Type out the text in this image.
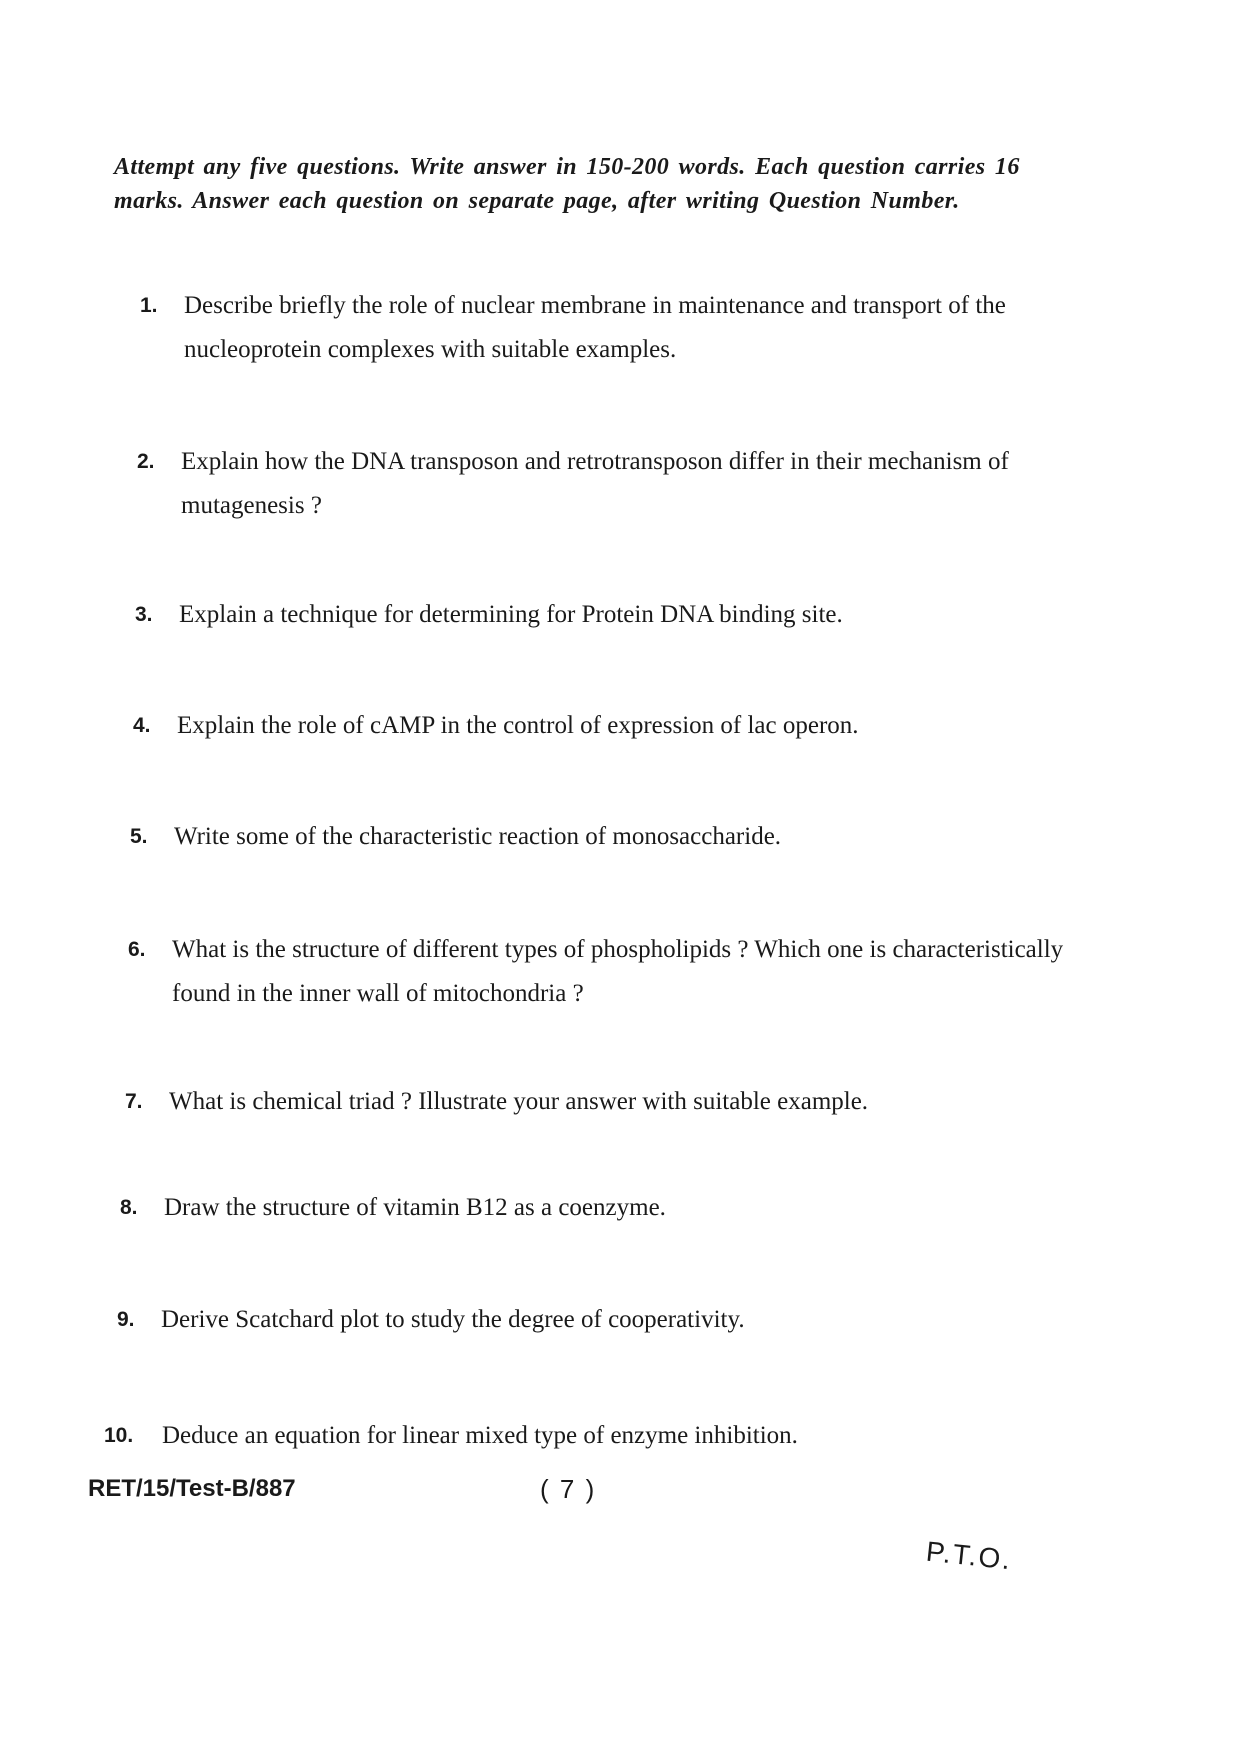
Attempt any five questions. Write answer in 150-200 words. Each question carries 16 marks. Answer each question on separate page, after writing Question Number.
1.	Describe briefly the role of nuclear membrane in maintenance and transport of the nucleoprotein complexes with suitable examples.
2.	Explain how the DNA transposon and retrotransposon differ in their mechanism of mutagenesis ?
3.	Explain a technique for determining for Protein DNA binding site.
4.	Explain the role of cAMP in the control of expression of lac operon.
5.	Write some of the characteristic reaction of monosaccharide.
6.	What is the structure of different types of phospholipids ? Which one is characteristically found in the inner wall of mitochondria ?
7.	What is chemical triad ? Illustrate your answer with suitable example.
8.	Draw the structure of vitamin B12 as a coenzyme.
9.	Derive Scatchard plot to study the degree of cooperativity.
10.	Deduce an equation for linear mixed type of enzyme inhibition.
RET/15/Test-B/887	( 7 )
P.T.O.
